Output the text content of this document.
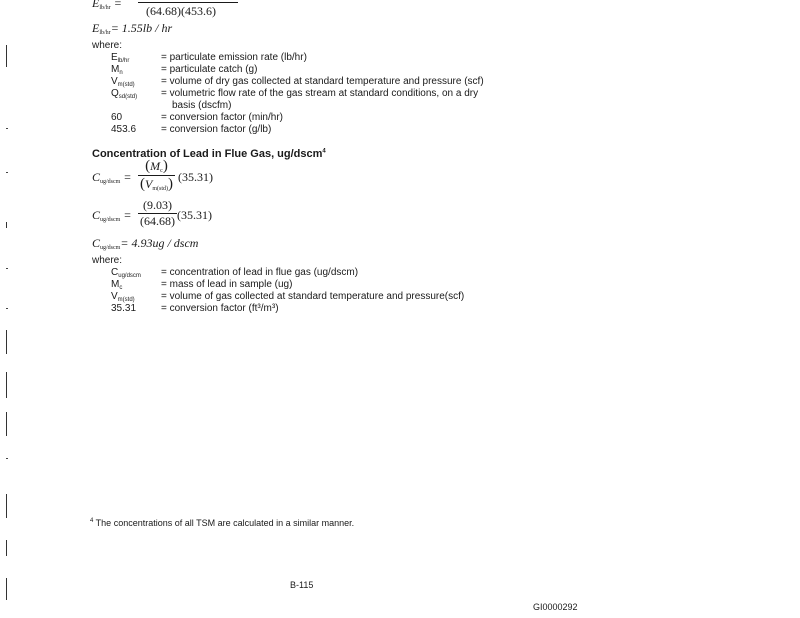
$E_{lb/hr}$ =
(64.68)(453.6)
$E_{lb/hr}= 1.55lb$ / hr
where:
$E_{lb/hr}$	= particulate emission rate (lb/hr)
$M_n$	= particulate catch (g)
$V_{m(std)}$	= volume of dry gas collected at standard temperature and pressure (scf)
$Q_{sd(std)}$ = volumetric flow rate of the gas stream at standard conditions, on a dry
basis (dscfm)
60	= conversion factor (min/hr)
453.6 = conversion factor (g/lb)
Concentration of Lead in Flue Gas, ug/dscm$^4$
$C_{ug/dscm}$ =
$(M_c)$
$(V_{m(std)})$ (35.31)
$C_{ug/dscm}$ =
(9.03)
(64.68) (35.31)
$C_{ug/dscm}= 4.93ug$ / dscm
where:
$C_{ug/dscm}$ = concentration of lead in flue gas (ug/dscm)
$M_c$	= mass of lead in sample (ug)
$V_{m(std)}$	= volume of gas collected at standard temperature and pressure(scf)
35.31 = conversion factor (ft³/m³)
$^4$ The concentrations of all TSM are calculated in a similar manner.
B-115
GI0000292
